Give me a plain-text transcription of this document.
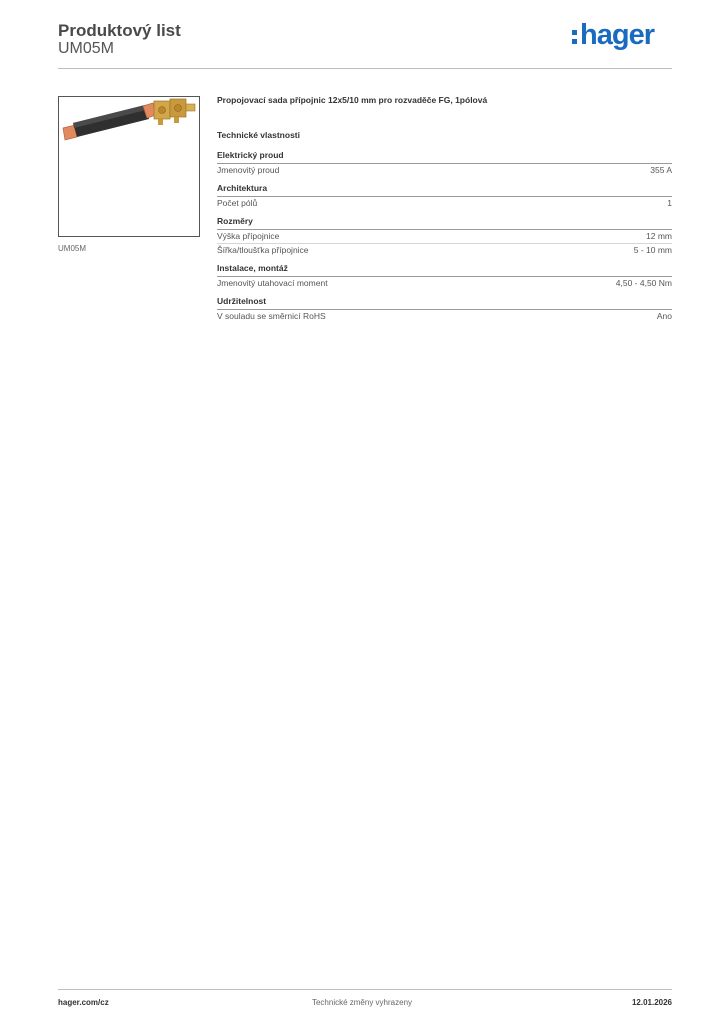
Produktový list
UM05M	hager
UM05M
Propojovací sada přípojnic 12x5/10 mm pro rozvaděče FG, 1pólová
Technické vlastnosti
Elektrický proud
Jmenovitý proud	355 A
Architektura
Počet pólů	1
Rozměry
Výška přípojnice	12 mm
Šířka/tloušťka přípojnice	5 - 10 mm
Instalace, montáž
Jmenovitý utahovací moment	4,50 - 4,50 Nm
Udržitelnost
V souladu se směrnicí RoHS	Ano
hager.com/cz	Technické změny vyhrazeny	12.01.2026
